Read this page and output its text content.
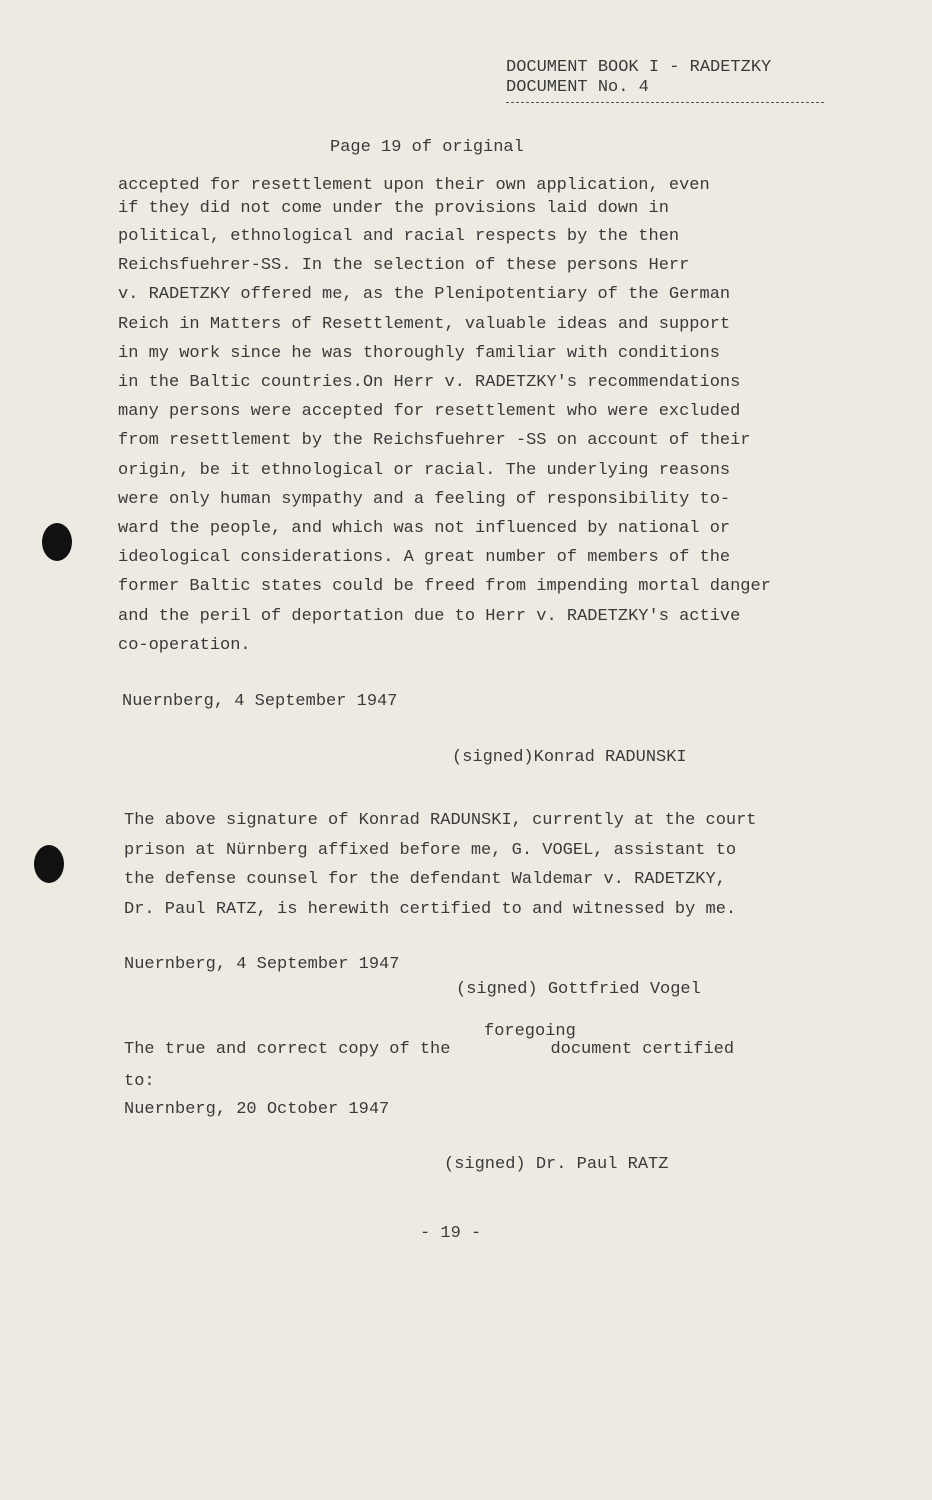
DOCUMENT BOOK I - RADETZKY
DOCUMENT No. 4
Page 19 of original
accepted for resettlement upon their own application, even
if they did not come under the provisions laid down in
political, ethnological and racial respects by the then
Reichsfuehrer-SS. In the selection of these persons Herr
v. RADETZKY offered me, as the Plenipotentiary of the German
Reich in Matters of Resettlement, valuable ideas and support
in my work since he was thoroughly familiar with conditions
in the Baltic countries.On Herr v. RADETZKY's recommendations
many persons were accepted for resettlement who were excluded
from resettlement by the Reichsfuehrer -SS on account of their
origin, be it ethnological or racial. The underlying reasons
were only human sympathy and a feeling of responsibility to-
ward the people, and which was not influenced by national or
ideological considerations. A great number of members of the
former Baltic states could be freed from impending mortal danger
and the peril of deportation due to Herr v. RADETZKY's active
co-operation.
Nuernberg, 4 September 1947
(signed)Konrad RADUNSKI
The above signature of Konrad RADUNSKI, currently at the court
prison at Nürnberg affixed before me, G. VOGEL, assistant to
the defense counsel for the defendant Waldemar v. RADETZKY,
Dr. Paul RATZ, is herewith certified to and witnessed by me.
Nuernberg, 4 September 1947
(signed) Gottfried Vogel
foregoing
The true and correct copy of the	document certified
to:
Nuernberg, 20 October 1947
(signed) Dr. Paul RATZ
- 19 -
